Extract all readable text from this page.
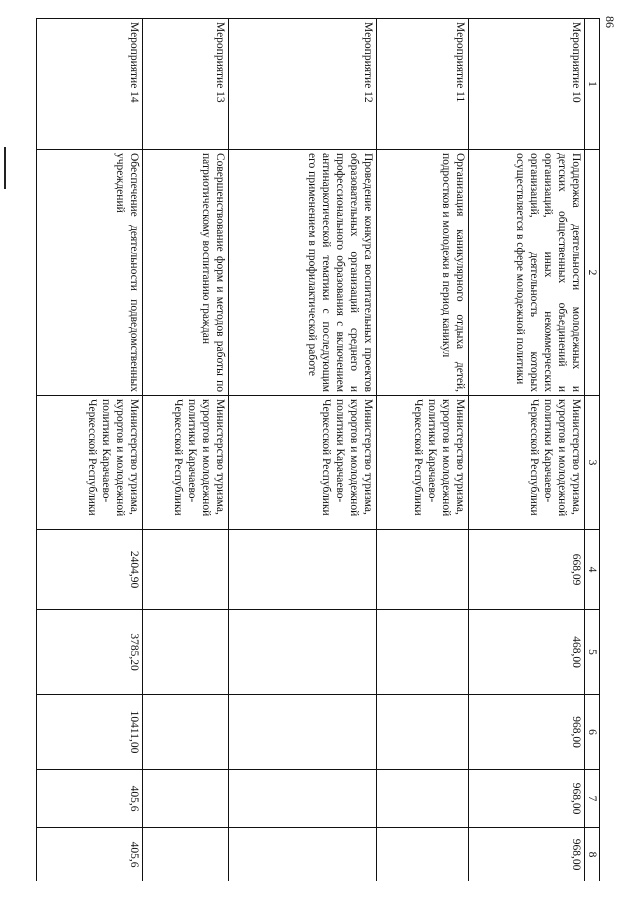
86
1	2	3	4	5	6	7	8
Мероприятие 10	Поддержка деятельности молодежных и детских общественных объединений и организаций, иных некоммерческих организаций, деятельность которых осуществляется в сфере молодежной политики	Министерство туризма, курортов и молодежной политики Карачаево-Черкесской Республики	668,09	468,00	968,00	968,00	968,00
Мероприятие 11	Организация каникулярного отдыха детей, подростков и молодежи в период каникул	Министерство туризма, курортов и молодежной политики Карачаево-Черкесской Республики					
Мероприятие 12	Проведение конкурса воспитательных проектов образовательных организаций среднего и профессионального образования с включением антинаркотической тематики с последующим его применением в профилактической работе	Министерство туризма, курортов и молодежной политики Карачаево-Черкесской Республики					
Мероприятие 13	Совершенствование форм и методов работы по патриотическому воспитанию граждан	Министерство туризма, курортов и молодежной политики Карачаево-Черкесской Республики					
Мероприятие 14	Обеспечение деятельности подведомственных учреждений	Министерство туризма, курортов и молодежной политики Карачаево-Черкесской Республики	2404,90	3785,20	10411,00	405,6	405,6
